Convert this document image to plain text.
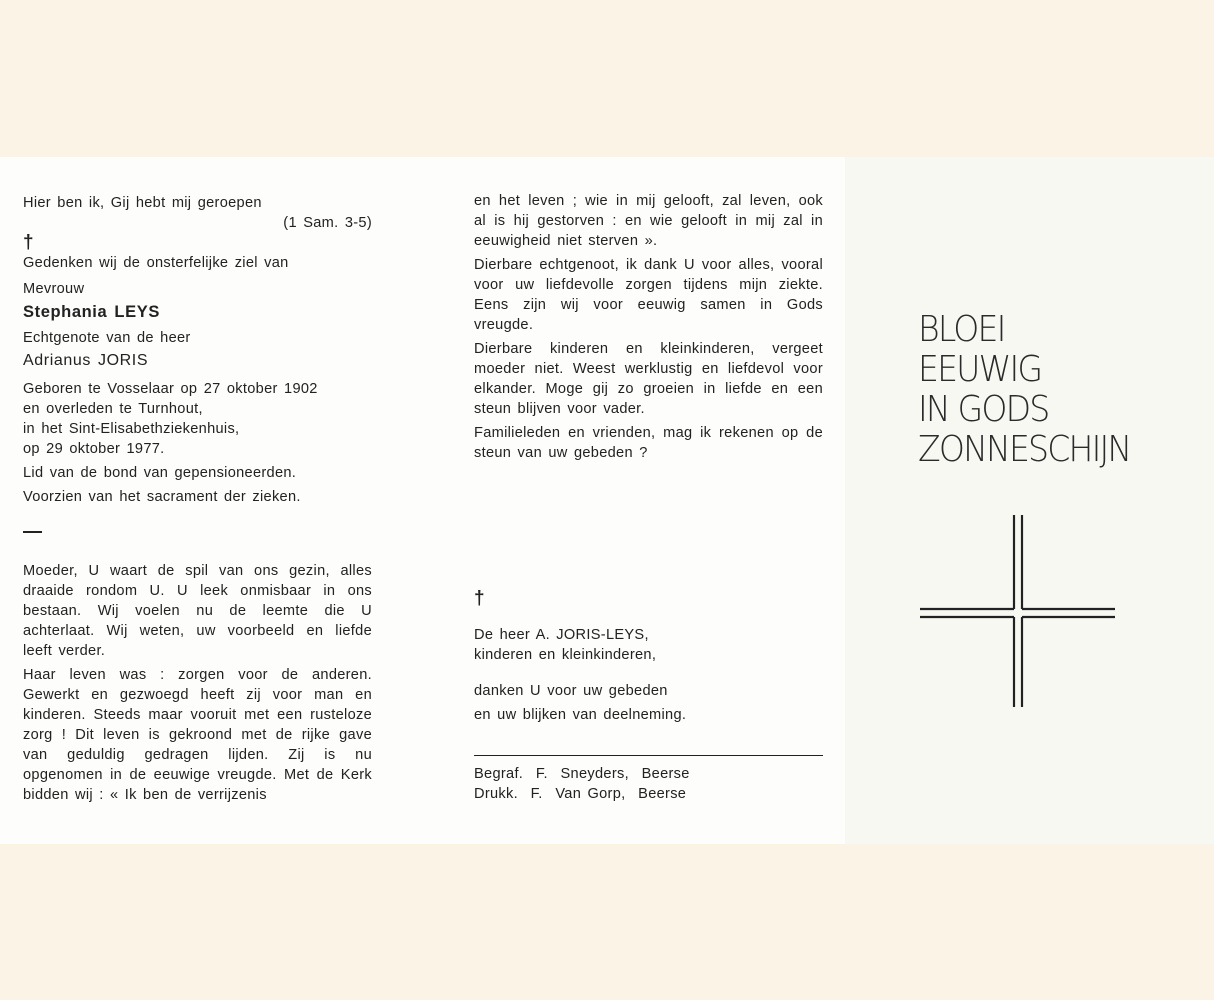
Hier ben ik, Gij hebt mij geroepen

(1 Sam. 3-5)

†

Gedenken wij de onsterfelijke ziel van

Mevrouw

Stephania LEYS

Echtgenote van de heer

Adrianus JORIS

Geboren te Vosselaar op 27 oktober 1902

en overleden te Turnhout,

in het Sint-Elisabethziekenhuis,

op 29 oktober 1977.

Lid van de bond van gepensioneerden.

Voorzien van het sacrament der zieken.

Moeder, U waart de spil van ons gezin, alles draaide rondom U. U leek onmisbaar in ons bestaan. Wij voelen nu de leemte die U achterlaat. Wij weten, uw voorbeeld en liefde leeft verder.

Haar leven was : zorgen voor de anderen. Gewerkt en gezwoegd heeft zij voor man en kinderen. Steeds maar vooruit met een rusteloze zorg ! Dit leven is gekroond met de rijke gave van geduldig gedragen lijden. Zij is nu opgenomen in de eeuwige vreugde. Met de Kerk bidden wij : « Ik ben de verrijzenis

en het leven ; wie in mij gelooft, zal leven, ook al is hij gestorven : en wie gelooft in mij zal in eeuwigheid niet sterven ».

Dierbare echtgenoot, ik dank U voor alles, vooral voor uw liefdevolle zorgen tijdens mijn ziekte. Eens zijn wij voor eeuwig samen in Gods vreugde.

Dierbare kinderen en kleinkinderen, vergeet moeder niet. Weest werklustig en liefdevol voor elkander. Moge gij zo groeien in liefde en een steun blijven voor vader.

Familieleden en vrienden, mag ik rekenen op de steun van uw gebeden ?

†

De heer A. JORIS-LEYS,

kinderen en kleinkinderen,

danken U voor uw gebeden

en uw blijken van deelneming.

Begraf.  F.  Sneyders,  Beerse

Drukk.  F.  Van Gorp,  Beerse

BLOEI
EEUWIG
IN GODS
ZONNESCHIJN
